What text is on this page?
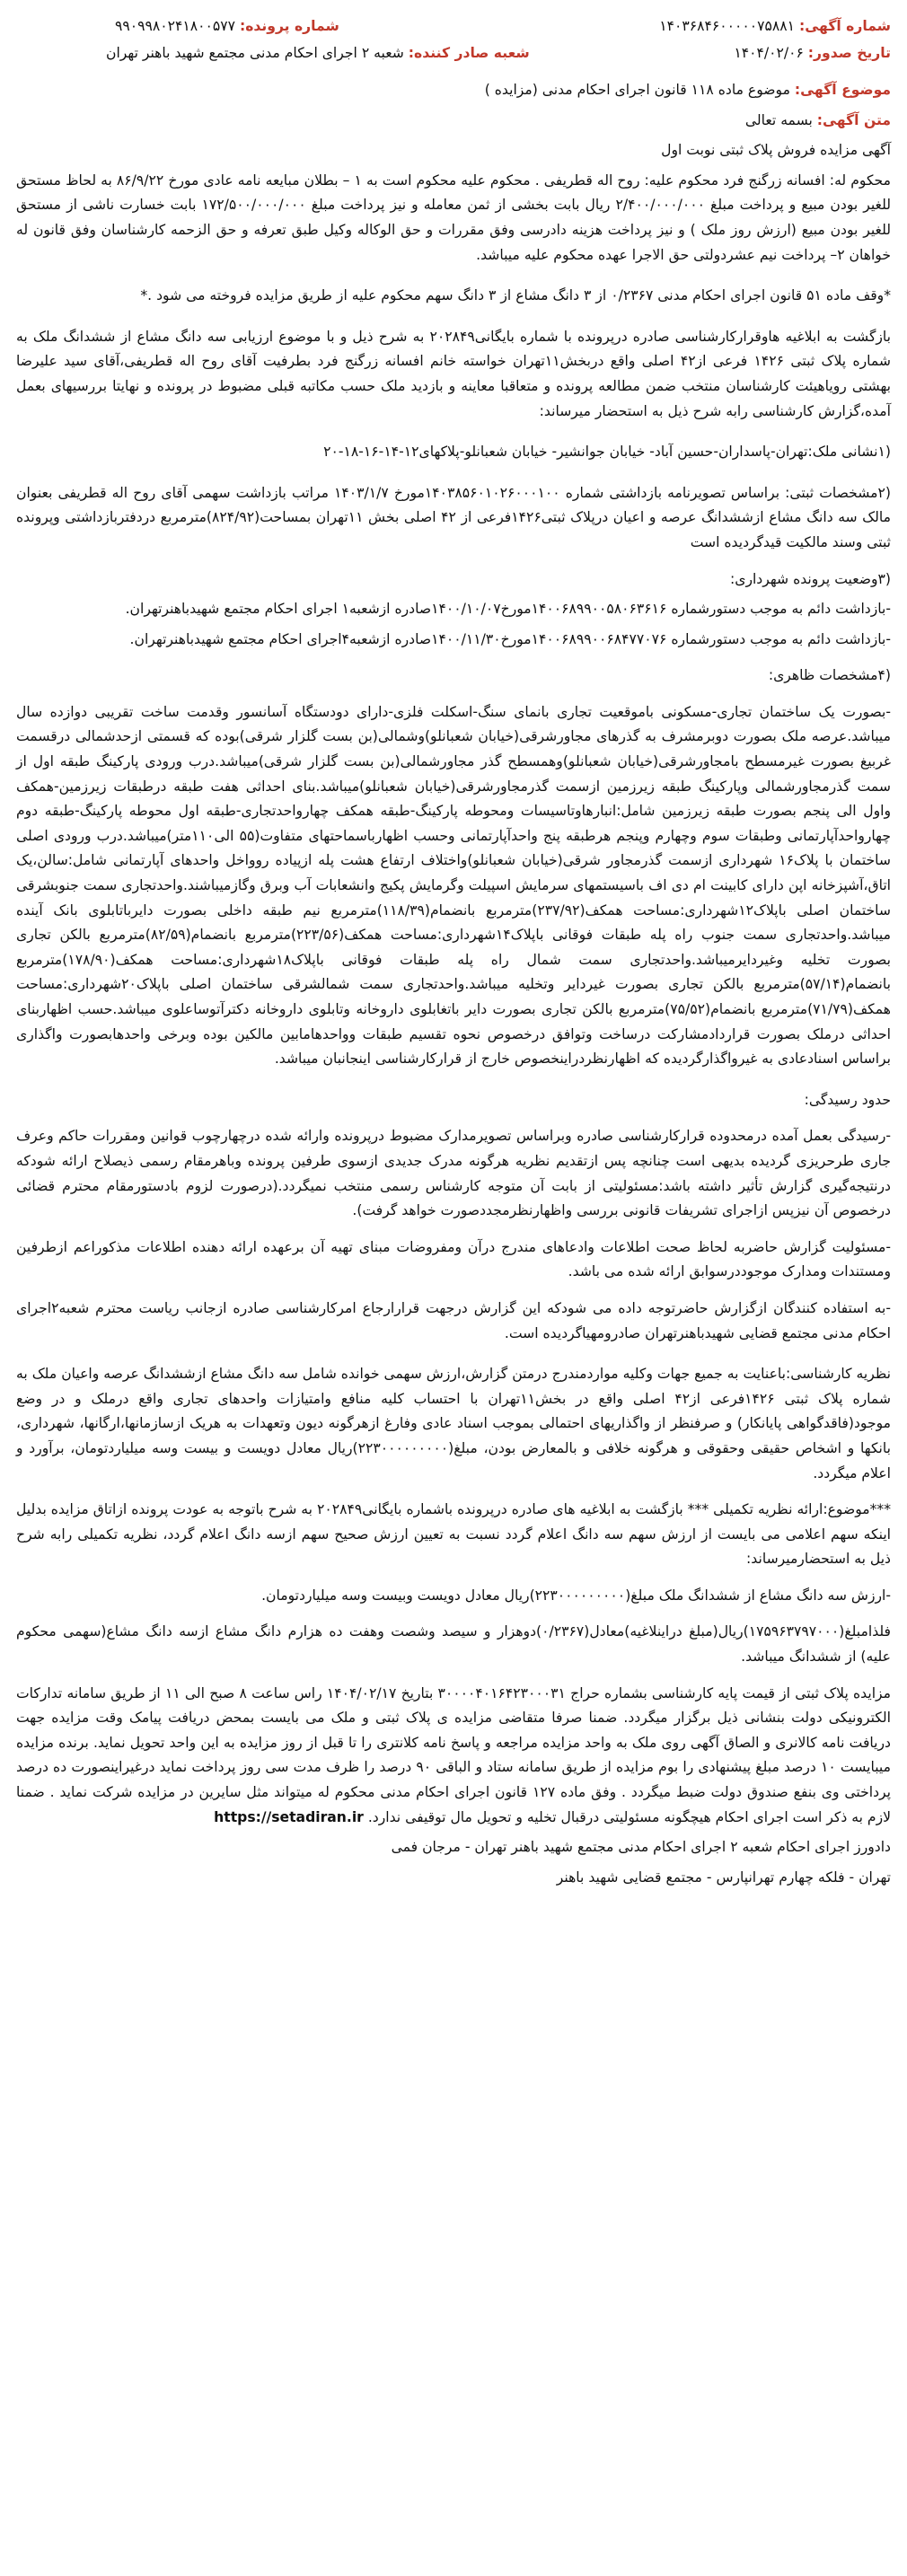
شماره آگهی: ۱۴۰۳۶۸۴۶۰۰۰۰۰۷۵۸۸۱
شماره پرونده: ۹۹۰۹۹۸۰۲۴۱۸۰۰۵۷۷
تاریخ صدور: ۱۴۰۴/۰۲/۰۶
شعبه صادر کننده: شعبه ۲ اجرای احکام مدنی مجتمع شهید باهنر تهران
موضوع آگهی: موضوع ماده ۱۱۸ قانون اجرای احکام مدنی (مزایده )
متن آگهی: بسمه تعالی
آگهی مزایده فروش پلاک ثبتی نوبت اول

محکوم له: افسانه زرگنج فرد محکوم علیه: روح اله قطریفی . محکوم علیه محکوم است به ۱ – بطلان مبایعه نامه عادی مورخ ۸۶/۹/۲۲ به لحاظ مستحق للغیر بودن مبیع و پرداخت مبلغ ۲/۴۰۰/۰۰۰/۰۰۰ ریال بابت بخشی از ثمن معامله و نیز پرداخت مبلغ ۱۷۲/۵۰۰/۰۰۰/۰۰۰ بابت خسارت ناشی از مستحق للغیر بودن مبیع (ارزش روز ملک ) و نیز پرداخت هزینه دادرسی وفق مقررات و حق الوکاله وکیل طبق تعرفه و حق الزحمه کارشناسان وفق قانون له خواهان ۲– پرداخت نیم عشردولتی حق الاجرا عهده محکوم علیه میباشد.

*وقف ماده ۵۱ قانون اجرای احکام مدنی ۰/۲۳۶۷ از ۳ دانگ مشاع از ۳ دانگ سهم محکوم علیه از طریق مزایده فروخته می شود .*

بازگشت به ابلاغیه هاوقرارکارشناسی صادره درپرونده با شماره بایگانی۲۰۲۸۴۹ به شرح ذیل و با موضوع ارزیابی سه دانگ مشاع از ششدانگ ملک به شماره پلاک ثبتی ۱۴۲۶ فرعی از۴۲ اصلی واقع دربخش۱۱تهران خواسته خانم افسانه زرگنج فرد بطرفیت آقای روح اله قطریفی،آقای سید علیرضا بهشتی رویاهیئت کارشناسان منتخب ضمن مطالعه پرونده و متعاقبا معاینه و بازدید ملک حسب مکاتبه قبلی مضبوط در پرونده و نهایتا بررسیهای بعمل آمده،گزارش کارشناسی رابه شرح ذیل به استحضار میرساند:

(۱نشانی ملک:تهران-پاسداران-حسین آباد- خیابان جوانشیر- خیابان شعبانلو-پلاکهای۱۲-۱۴-۱۶-۱۸-۲۰

(۲مشخصات ثبتی: براساس تصویرنامه بازداشتی شماره ۱۴۰۳۸۵۶۰۱۰۲۶۰۰۰۱۰۰مورخ ۱۴۰۳/۱/۷ مراتب بازداشت سهمی آقای روح اله قطریفی بعنوان مالک سه دانگ مشاع ازششدانگ عرصه و اعیان درپلاک ثبتی۱۴۲۶فرعی از ۴۲ اصلی بخش ۱۱تهران بمساحت(۸۲۴/۹۲)مترمربع دردفتربازداشتی وپرونده ثبتی وسند مالکیت قیدگردیده است

(۳وضعیت پرونده شهرداری:

-بازداشت دائم به موجب دستورشماره ۱۴۰۰۶۸۹۹۰۰۵۸۰۶۳۶۱۶مورخ۱۴۰۰/۱۰/۰۷صادره ازشعبه۱ اجرای احکام مجتمع شهیدباهنرتهران.

-بازداشت دائم به موجب دستورشماره ۱۴۰۰۶۸۹۹۰۰۶۸۴۷۷۰۷۶مورخ۱۴۰۰/۱۱/۳۰صادره ازشعبه۴اجرای احکام مجتمع شهیدباهنرتهران.

(۴مشخصات ظاهری:

-بصورت یک ساختمان تجاری-مسکونی باموقعیت تجاری بانمای سنگ-اسکلت فلزی-دارای دودستگاه آسانسور وقدمت ساخت تقریبی دوازده سال میباشد.عرصه ملک بصورت دوبرمشرف به گذرهای مجاورشرقی(خیابان شعبانلو)وشمالی(بن بست گلزار شرقی)بوده که قسمتی ازحدشمالی درقسمت غربیغ بصورت غیرمسطح بامجاورشرقی(خیابان شعبانلو)وهمسطح گذر مجاورشمالی(بن بست گلزار شرقی)میباشد.درب ورودی پارکینگ طبقه اول از سمت گذرمجاورشمالی وپارکینگ طبقه زیرزمین ازسمت گذرمجاورشرقی(خیابان شعبانلو)میباشد.بنای احداثی هفت طبقه درطبقات زیرزمین-همکف واول الی پنجم بصورت طبقه زیرزمین شامل:انبارهاوتاسیسات ومحوطه پارکینگ-طبقه همکف چهارواحدتجاری-طبقه اول محوطه پارکینگ-طبقه دوم چهارواحدآپارتمانی وطبقات سوم وچهارم وپنجم هرطبقه پنج واحدآپارتمانی وحسب اظهارباسماحتهای متفاوت(۵۵ الی۱۱۰متر)میباشد.درب ورودی اصلی ساختمان با پلاک۱۶ شهرداری ازسمت گذرمجاور شرقی(خیابان شعبانلو)واختلاف ارتفاع هشت پله ازپیاده روواخل واحدهای آپارتمانی شامل:سالن،یک اتاق،آشپزخانه اپن دارای کابینت ام دی اف باسیستمهای سرمایش اسپیلت وگرمایش پکیج وانشعابات آب وبرق وگازمیباشند.واحدتجاری سمت جنوبشرقی ساختمان اصلی باپلاک۱۲شهرداری:مساحت همکف(۲۳۷/۹۲)مترمربع بانضمام(۱۱۸/۳۹)مترمربع نیم طبقه داخلی بصورت دایرباتابلوی بانک آینده میباشد.واحدتجاری سمت جنوب راه پله طبقات فوقانی باپلاک۱۴شهرداری:مساحت همکف(۲۲۳/۵۶)مترمربع بانضمام(۸۲/۵۹)مترمربع بالکن تجاری بصورت تخلیه وغیردایرمیباشد.واحدتجاری سمت شمال راه پله طبقات فوقانی باپلاک۱۸شهرداری:مساحت همکف(۱۷۸/۹۰)مترمربع بانضمام(۵۷/۱۴)مترمربع بالکن تجاری بصورت غیردایر وتخلیه میباشد.واحدتجاری سمت شمالشرقی ساختمان اصلی باپلاک۲۰شهرداری:مساحت همکف(۷۱/۷۹)مترمربع بانضمام(۷۵/۵۲)مترمربع بالکن تجاری بصورت دایر باتغابلوی داروخانه وتابلوی داروخانه دکترآتوساعلوی میباشد.حسب اظهاربنای احداثی درملک بصورت قراردادمشارکت درساخت وتوافق درخصوص نحوه تقسیم طبقات وواحدهامابین مالکین بوده وبرخی واحدهابصورت واگذاری براساس اسنادعادی به غیرواگذارگردیده که اظهارنظردراینخصوص خارج از قرارکارشناسی اینجانبان میباشد.

حدود رسیدگی:

-رسیدگی بعمل آمده درمحدوده قرارکارشناسی صادره وبراساس تصویرمدارک مضبوط درپرونده وارائه شده درچهارچوب قوانین ومقررات حاکم وعرف جاری طرحریزی گردیده بدیهی است چنانچه پس ازتقدیم نظریه هرگونه مدرک جدیدی ازسوی طرفین پرونده وباهرمقام رسمی ذیصلاح ارائه شودکه درنتیجه‌گیری گزارش تأثیر داشته باشد:مسئولیتی از بابت آن متوجه کارشناس رسمی منتخب نمیگردد.(درصورت لزوم بادستورمقام محترم قضائی درخصوص آن نیزپس ازاجرای تشریفات قانونی بررسی واظهارنظرمجددصورت خواهد گرفت).

-مسئولیت گزارش حاضربه لحاظ صحت اطلاعات وادعاهای مندرج درآن ومفروضات مبنای تهیه آن برعهده ارائه دهنده اطلاعات مذکوراعم ازطرفین ومستندات ومدارک موجوددرسوابق ارائه شده می باشد.

-به استفاده کنندگان ازگزارش حاضرتوجه داده می شودکه این گزارش درجهت قرارارجاع امرکارشناسی صادره ازجانب ریاست محترم شعبه۲اجرای احکام مدنی مجتمع قضایی شهیدباهنرتهران صادرومهیاگردیده است.

نظریه کارشناسی:باعنایت به جمیع جهات وکلیه مواردمندرج درمتن گزارش،ارزش سهمی خوانده شامل سه دانگ مشاع ازششدانگ عرصه واعیان ملک به شماره پلاک ثبتی ۱۴۲۶فرعی از۴۲ اصلی واقع در بخش۱۱تهران با احتساب کلیه منافع وامتیازات واحدهای تجاری واقع درملک و در وضع موجود(فاقدگواهی پایانکار) و صرفنظر از واگذاریهای احتمالی بموجب اسناد عادی وفارغ ازهرگونه دیون وتعهدات به هریک ازسازمانها،ارگانها، شهرداری، بانکها و اشخاص حقیقی وحقوقی و هرگونه خلافی و بالمعارض بودن، مبلغ(۲۲۳۰۰۰۰۰۰۰۰۰)ریال معادل دویست و بیست وسه میلیاردتومان، برآورد و اعلام میگردد.

***موضوع:ارائه نظریه تکمیلی *** بازگشت به ابلاغیه های صادره درپرونده باشماره بایگانی۲۰۲۸۴۹ به شرح باتوجه به عودت پرونده ازاتاق مزایده بدلیل اینکه سهم اعلامی می بایست از ارزش سهم سه دانگ اعلام گردد نسبت به تعیین ارزش صحیح سهم ازسه دانگ اعلام گردد، نظریه تکمیلی رابه شرح ذیل به استحضارمیرساند:

-ارزش سه دانگ مشاع از ششدانگ ملک مبلغ(۲۲۳۰۰۰۰۰۰۰۰۰)ریال معادل دویست وبیست وسه میلیاردتومان.

فلذامبلغ(۱۷۵۹۶۳۷۹۷۰۰۰)ریال(مبلغ دراینلاغیه)معادل(۰/۲۳۶۷)دوهزار و سیصد وشصت وهفت ده هزارم دانگ مشاع ازسه دانگ مشاع(سهمی محکوم علیه) از ششدانگ میباشد.

مزایده پلاک ثبتی از قیمت پایه کارشناسی بشماره حراج ۳۰۰۰۰۴۰۱۶۴۲۳۰۰۰۳۱ بتاریخ ۱۴۰۴/۰۲/۱۷ راس ساعت ۸ صبح الی ۱۱ از طریق سامانه تدارکات الکترونیکی دولت بنشانی ذیل برگزار میگردد. ضمنا صرفا متقاضی مزایده ی پلاک ثبتی و ملک می بایست بمحض دریافت پیامک وقت مزایده جهت دریافت نامه کالانری و الصاق آگهی روی ملک به واحد مزایده مراجعه و پاسخ نامه کلانتری را تا قبل از روز مزایده به این واحد تحویل نماید. برنده مزایده میبایست ۱۰ درصد مبلغ پیشنهادی را بوم مزایده از طریق سامانه ستاد و الباقی ۹۰ درصد را ظرف مدت سی روز پرداخت نماید درغیراینصورت ده درصد پرداختی وی بنفع صندوق دولت ضبط میگردد . وفق ماده ۱۲۷ قانون اجرای احکام مدنی محکوم له میتواند مثل سایرین در مزایده شرکت نماید . ضمنا لازم به ذکر است اجرای احکام هیچگونه مسئولیتی درقبال تخلیه و تحویل مال توقیفی ندارد. https://setadiran.ir

دادورز اجرای احکام شعبه ۲ اجرای احکام مدنی مجتمع شهید باهنر تهران - مرجان فمی

تهران - فلکه چهارم تهرانپارس - مجتمع قضایی شهید باهنر
